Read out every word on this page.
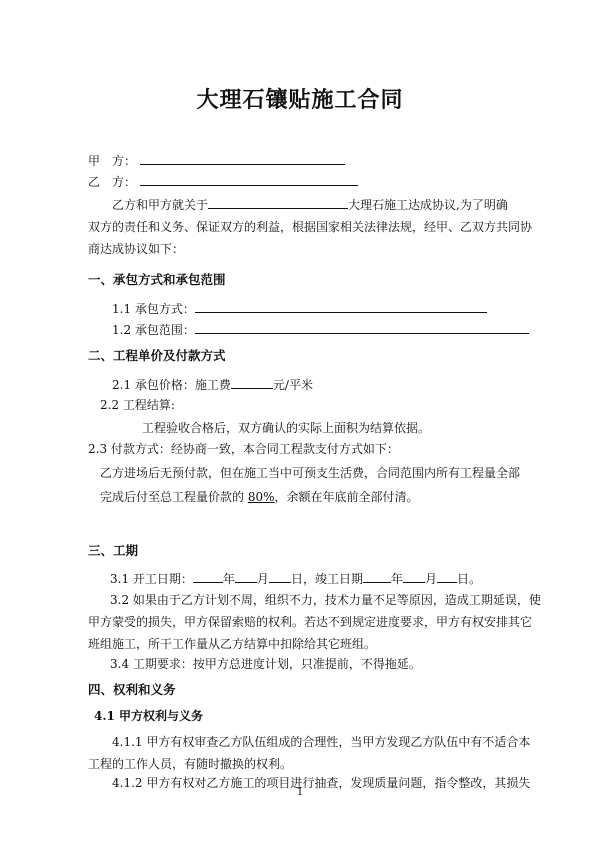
大理石镶贴施工合同
甲　方：
乙　方：
乙方和甲方就关于	大理石施工达成协议,为了明确
双方的责任和义务、保证双方的利益，根据国家相关法律法规，经甲、乙双方共同协
商达成协议如下：
一、承包方式和承包范围
1.1 承包方式：
1.2 承包范围：
二、工程单价及付款方式
2.1 承包价格：施工费	元/平米
2.2 工程结算:
工程验收合格后，双方确认的实际上面积为结算依据。
2.3 付款方式：经协商一致，本合同工程款支付方式如下：
乙方进场后无预付款，但在施工当中可预支生活费，合同范围内所有工程量全部
完成后付至总工程量价款的 80%，余额在年底前全部付清。
三、工期
3.1 开工日期：	年 月 日，竣工日期 年 月 日。
3.2 如果由于乙方计划不周，组织不力，技术力量不足等原因，造成工期延误，使
甲方蒙受的损失，甲方保留索赔的权利。若达不到规定进度要求，甲方有权安排其它
班组施工，所干工作量从乙方结算中扣除给其它班组。
3.4 工期要求：按甲方总进度计划，只准提前，不得拖延。
四、权利和义务
4.1 甲方权利与义务
4.1.1 甲方有权审查乙方队伍组成的合理性，当甲方发现乙方队伍中有不适合本
工程的工作人员，有随时撤换的权利。
4.1.2 甲方有权对乙方施工的项目进行抽查，发现质量问题，指令整改，其损失
1
